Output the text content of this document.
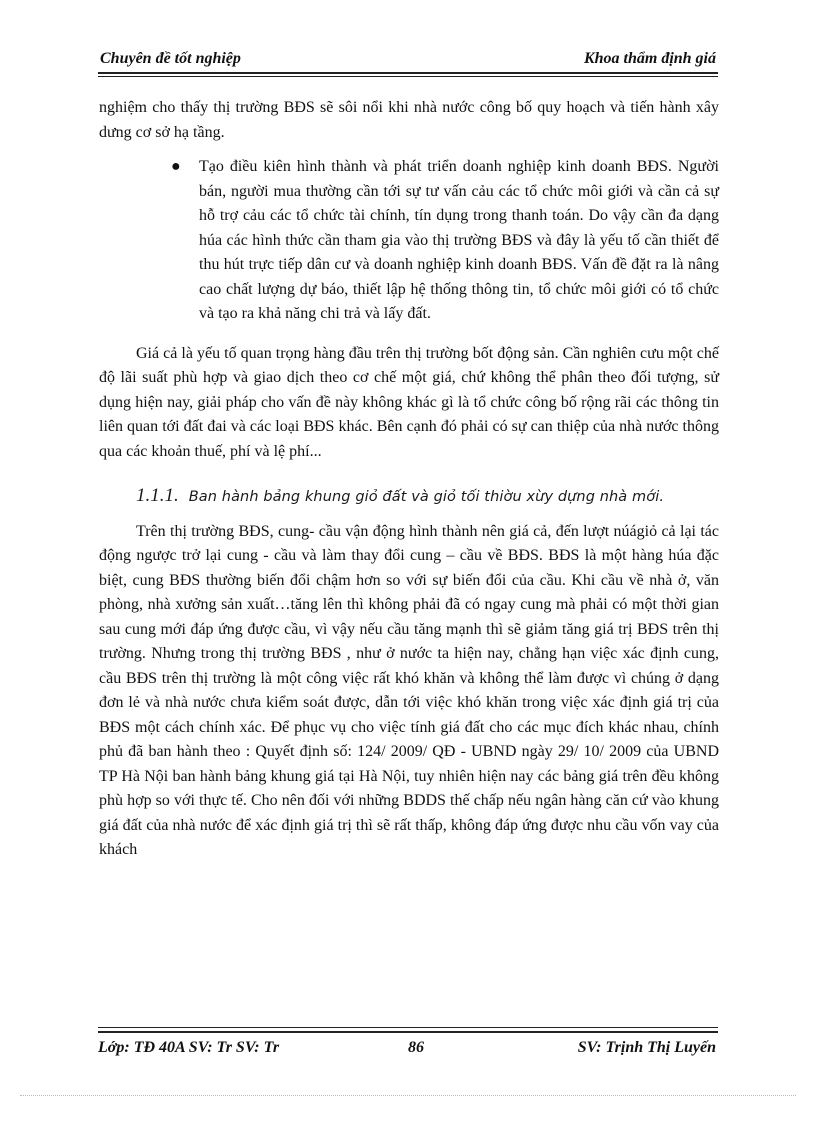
Chuyên đề tốt nghiệp	Khoa thẩm định giá

nghiệm cho thấy thị trường BĐS sẽ sôi nổi khi nhà nước công bố quy hoạch và tiến hành xây dưng cơ sở hạ tầng.

● Tạo điều kiên hình thành và phát triển doanh nghiệp kinh doanh BĐS. Người bán, người mua thường cần tới sự tư vấn cảu các tổ chức môi giới và cần cả sự hỗ trợ cảu các tổ chức tài chính, tín dụng trong thanh toán. Do vậy cần đa dạng húa các hình thức cần tham gia vào thị trường BĐS và đây là yếu tố cần thiết để thu hút trực tiếp dân cư và doanh nghiệp kinh doanh BĐS. Vấn đề đặt ra là nâng cao chất lượng dự báo, thiết lập hệ thống thông tin, tổ chức môi giới có tổ chức và tạo ra khả năng chi trả và lấy đất.

Giá cả là yếu tố quan trọng hàng đầu trên thị trường bốt động sản. Cần nghiên cưu một chế độ lãi suất phù hợp và giao dịch theo cơ chế một giá, chứ không thể phân theo đối tượng, sử dụng hiện nay, giải pháp cho vấn đề này không khác gì là tổ chức công bố rộng rãi các thông tin liên quan tới đất đai và các loại BĐS khác. Bên cạnh đó phải có sự can thiệp của nhà nước thông qua các khoản thuế, phí và lệ phí...

1.1.1. Ban hành bảng khung giỏ đất và giỏ tối thiờu xừy dựng nhà mới.

Trên thị trường BĐS, cung- cầu vận động hình thành nên giá cả, đến lượt núágiỏ cả lại tác động ngược trở lại cung - cầu và làm thay đổi cung – cầu về BĐS. BĐS là một hàng húa đặc biệt, cung BĐS thường biến đổi chậm hơn so với sự biến đổi của cầu. Khi cầu về nhà ở, văn phòng, nhà xưởng sản xuất…tăng lên thì không phải đã có ngay cung mà phải có một thời gian sau cung mới đáp ứng được cầu, vì vậy nếu cầu tăng mạnh thì sẽ giảm tăng giá trị BĐS trên thị trường. Nhưng trong thị trường BĐS , như ở nước ta hiện nay, chẳng hạn việc xác định cung, cầu BĐS trên thị trường là một công việc rất khó khăn và không thể làm được vì chúng ở dạng đơn lẻ và nhà nước chưa kiểm soát được, dẫn tới việc khó khăn trong việc xác định giá trị của BĐS một cách chính xác. Để phục vụ cho việc tính giá đất cho các mục đích khác nhau, chính phủ đã ban hành theo : Quyết định số: 124/ 2009/ QĐ - UBND ngày 29/ 10/ 2009 của UBND TP Hà Nội ban hành bảng khung giá tại Hà Nội, tuy nhiên hiện nay các bảng giá trên đều không phù hợp so với thực tế. Cho nên đối với những BDDS thế chấp nếu ngân hàng căn cứ vào khung giá đất của nhà nước để xác định giá trị thì sẽ rất thấp, không đáp ứng được nhu cầu vốn vay của khách

Lớp: TĐ 40A SV: Tr SV: Tr	86	SV: Trịnh Thị Luyến
